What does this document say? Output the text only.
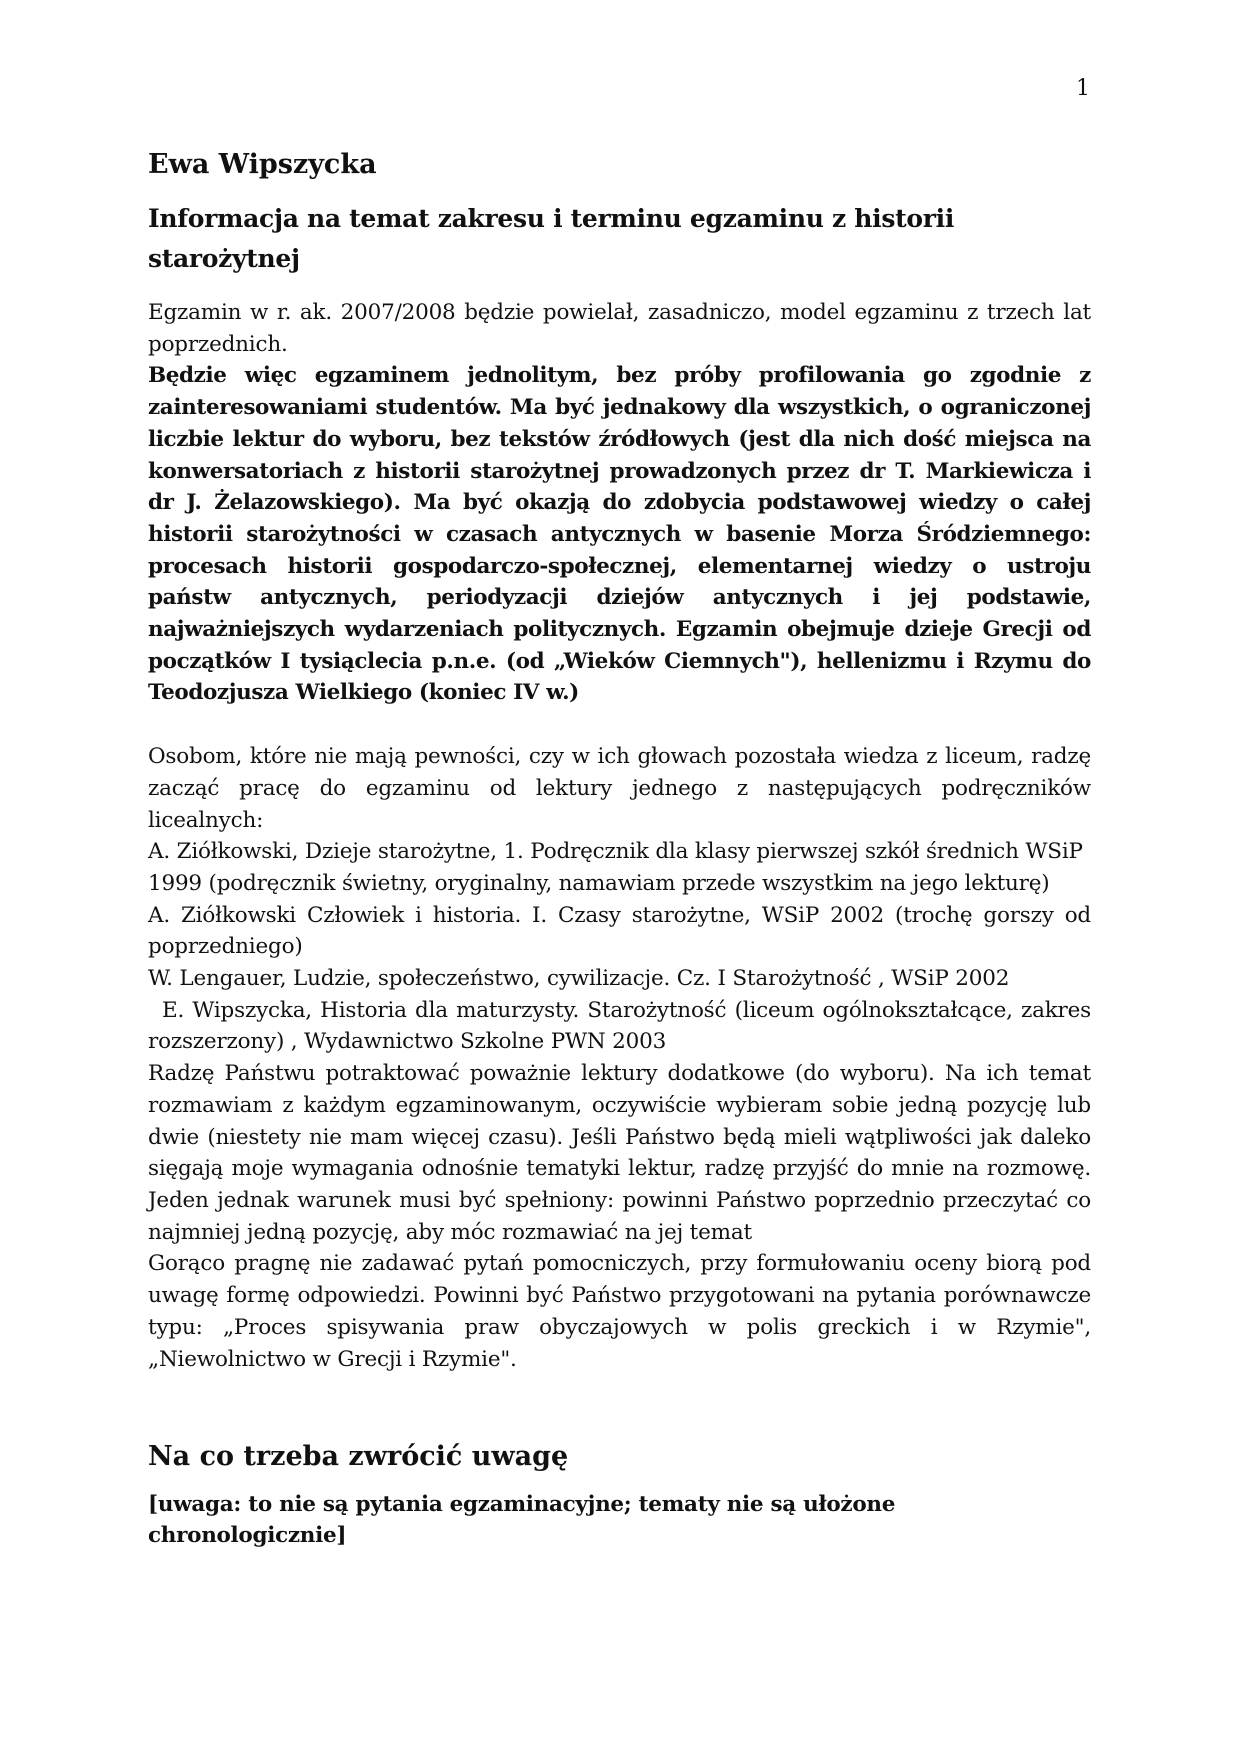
1
Ewa Wipszycka
Informacja na temat zakresu i terminu egzaminu z historii starożytnej

Egzamin w r. ak. 2007/2008 będzie powielał, zasadniczo, model egzaminu z trzech lat poprzednich.

Będzie więc egzaminem jednolitym, bez próby profilowania go zgodnie z zainteresowaniami studentów. Ma być jednakowy dla wszystkich, o ograniczonej liczbie lektur do wyboru, bez tekstów źródłowych (jest dla nich dość miejsca na konwersatoriach z historii starożytnej prowadzonych przez dr T. Markiewicza i dr J. Żelazowskiego). Ma być okazją do zdobycia podstawowej wiedzy o całej historii starożytności w czasach antycznych w basenie Morza Śródziemnego: procesach historii gospodarczo-społecznej, elementarnej wiedzy o ustroju państw antycznych, periodyzacji dziejów antycznych i jej podstawie, najważniejszych wydarzeniach politycznych. Egzamin obejmuje dzieje Grecji od początków I tysiąclecia p.n.e. (od „Wieków Ciemnych"), hellenizmu i Rzymu do Teodozjusza Wielkiego (koniec IV w.)

Osobom, które nie mają pewności, czy w ich głowach pozostała wiedza z liceum, radzę zacząć pracę do egzaminu od lektury jednego z następujących podręczników licealnych:

A. Ziółkowski, Dzieje starożytne, 1. Podręcznik dla klasy pierwszej szkół średnich WSiP

1999 (podręcznik świetny, oryginalny, namawiam przede wszystkim na jego lekturę)

A. Ziółkowski Człowiek i historia. I. Czasy starożytne, WSiP 2002 (trochę gorszy od poprzedniego)

W. Lengauer, Ludzie, społeczeństwo, cywilizacje. Cz. I Starożytność , WSiP 2002

E. Wipszycka, Historia dla maturzysty. Starożytność (liceum ogólnokształcące, zakres rozszerzony) , Wydawnictwo Szkolne PWN 2003

Radzę Państwu potraktować poważnie lektury dodatkowe (do wyboru). Na ich temat rozmawiam z każdym egzaminowanym, oczywiście wybieram sobie jedną pozycję lub dwie (niestety nie mam więcej czasu). Jeśli Państwo będą mieli wątpliwości jak daleko sięgają moje wymagania odnośnie tematyki lektur, radzę przyjść do mnie na rozmowę. Jeden jednak warunek musi być spełniony: powinni Państwo poprzednio przeczytać co najmniej jedną pozycję, aby móc rozmawiać na jej temat

Gorąco pragnę nie zadawać pytań pomocniczych, przy formułowaniu oceny biorą pod uwagę formę odpowiedzi. Powinni być Państwo przygotowani na pytania porównawcze typu: „Proces spisywania praw obyczajowych w polis greckich i w Rzymie", „Niewolnictwo w Grecji i Rzymie".

Na co trzeba zwrócić uwagę

[uwaga: to nie są pytania egzaminacyjne; tematy nie są ułożone chronologicznie]
